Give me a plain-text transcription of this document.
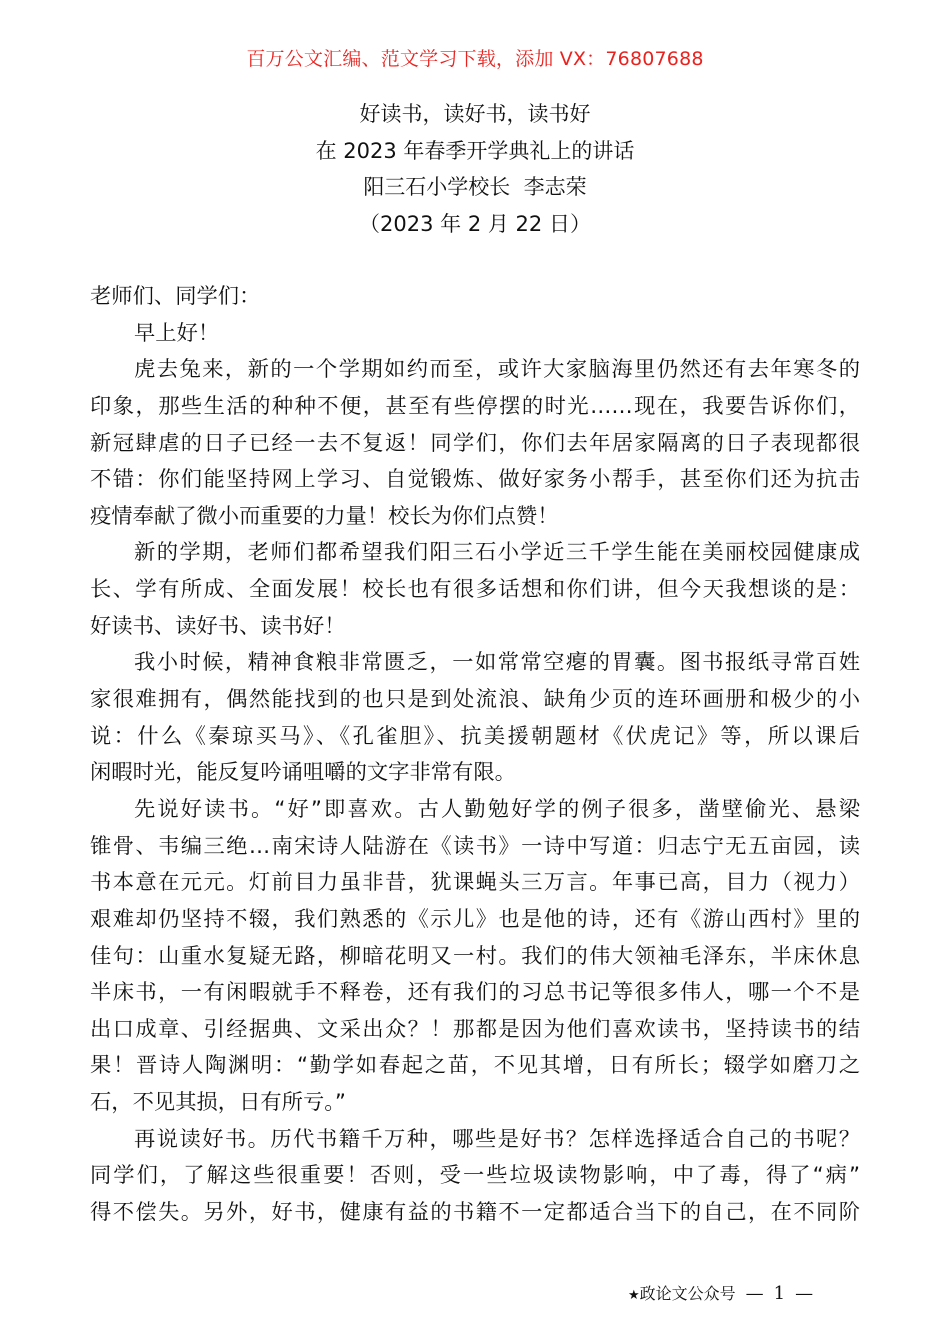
百万公文汇编、范文学习下载，添加 VX：76807688
好读书，读好书，读书好
在 2023 年春季开学典礼上的讲话
阳三石小学校长  李志荣
（2023 年 2 月 22 日）
老师们、同学们：
早上好！
虎去兔来，新的一个学期如约而至，或许大家脑海里仍然还有去年寒冬的
印象，那些生活的种种不便，甚至有些停摆的时光……现在，我要告诉你们，
新冠肆虐的日子已经一去不复返！同学们，你们去年居家隔离的日子表现都很
不错：你们能坚持网上学习、自觉锻炼、做好家务小帮手，甚至你们还为抗击
疫情奉献了微小而重要的力量！校长为你们点赞！
新的学期，老师们都希望我们阳三石小学近三千学生能在美丽校园健康成
长、学有所成、全面发展！校长也有很多话想和你们讲，但今天我想谈的是：
好读书、读好书、读书好！
我小时候，精神食粮非常匮乏，一如常常空瘪的胃囊。图书报纸寻常百姓
家很难拥有，偶然能找到的也只是到处流浪、缺角少页的连环画册和极少的小
说：什么《秦琼买马》、《孔雀胆》、抗美援朝题材《伏虎记》等，所以课后
闲暇时光，能反复吟诵咀嚼的文字非常有限。
先说好读书。“好”即喜欢。古人勤勉好学的例子很多，凿壁偷光、悬梁
锥骨、韦编三绝…南宋诗人陆游在《读书》一诗中写道：归志宁无五亩园，读
书本意在元元。灯前目力虽非昔，犹课蝇头三万言。年事已高，目力（视力）
艰难却仍坚持不辍，我们熟悉的《示儿》也是他的诗，还有《游山西村》里的
佳句：山重水复疑无路，柳暗花明又一村。我们的伟大领袖毛泽东，半床休息
半床书，一有闲暇就手不释卷，还有我们的习总书记等很多伟人，哪一个不是
出口成章、引经据典、文采出众？！那都是因为他们喜欢读书，坚持读书的结
果！晋诗人陶渊明：“勤学如春起之苗，不见其增，日有所长；辍学如磨刀之
石，不见其损，日有所亏。”
再说读好书。历代书籍千万种，哪些是好书？怎样选择适合自己的书呢？
同学们，了解这些很重要！否则，受一些垃圾读物影响，中了毒，得了“病”
得不偿失。另外，好书，健康有益的书籍不一定都适合当下的自己，在不同阶
★政论文公众号 — 1 —
